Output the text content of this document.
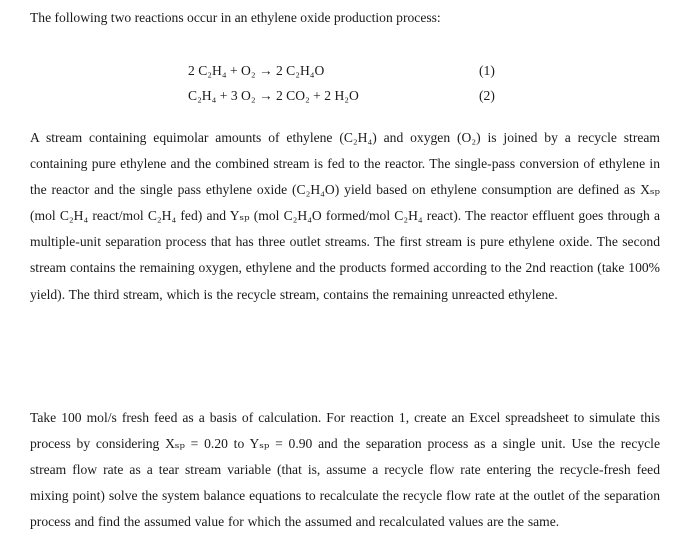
The following two reactions occur in an ethylene oxide production process:
2 C₂H₄ + O₂ → 2 C₂H₄O	(1)
C₂H₄ + 3 O₂ → 2 CO₂ + 2 H₂O	(2)
A stream containing equimolar amounts of ethylene (C₂H₄) and oxygen (O₂) is joined by a recycle stream containing pure ethylene and the combined stream is fed to the reactor. The single-pass conversion of ethylene in the reactor and the single pass ethylene oxide (C₂H₄O) yield based on ethylene consumption are defined as Xₛₚ (mol C₂H₄ react/mol C₂H₄ fed) and Yₛₚ (mol C₂H₄O formed/mol C₂H₄ react). The reactor effluent goes through a multiple-unit separation process that has three outlet streams. The first stream is pure ethylene oxide. The second stream contains the remaining oxygen, ethylene and the products formed according to the 2nd reaction (take 100% yield). The third stream, which is the recycle stream, contains the remaining unreacted ethylene.
Take 100 mol/s fresh feed as a basis of calculation. For reaction 1, create an Excel spreadsheet to simulate this process by considering Xₛₚ = 0.20 to Yₛₚ = 0.90 and the separation process as a single unit. Use the recycle stream flow rate as a tear stream variable (that is, assume a recycle flow rate entering the recycle-fresh feed mixing point) solve the system balance equations to recalculate the recycle flow rate at the outlet of the separation process and find the assumed value for which the assumed and recalculated values are the same.
